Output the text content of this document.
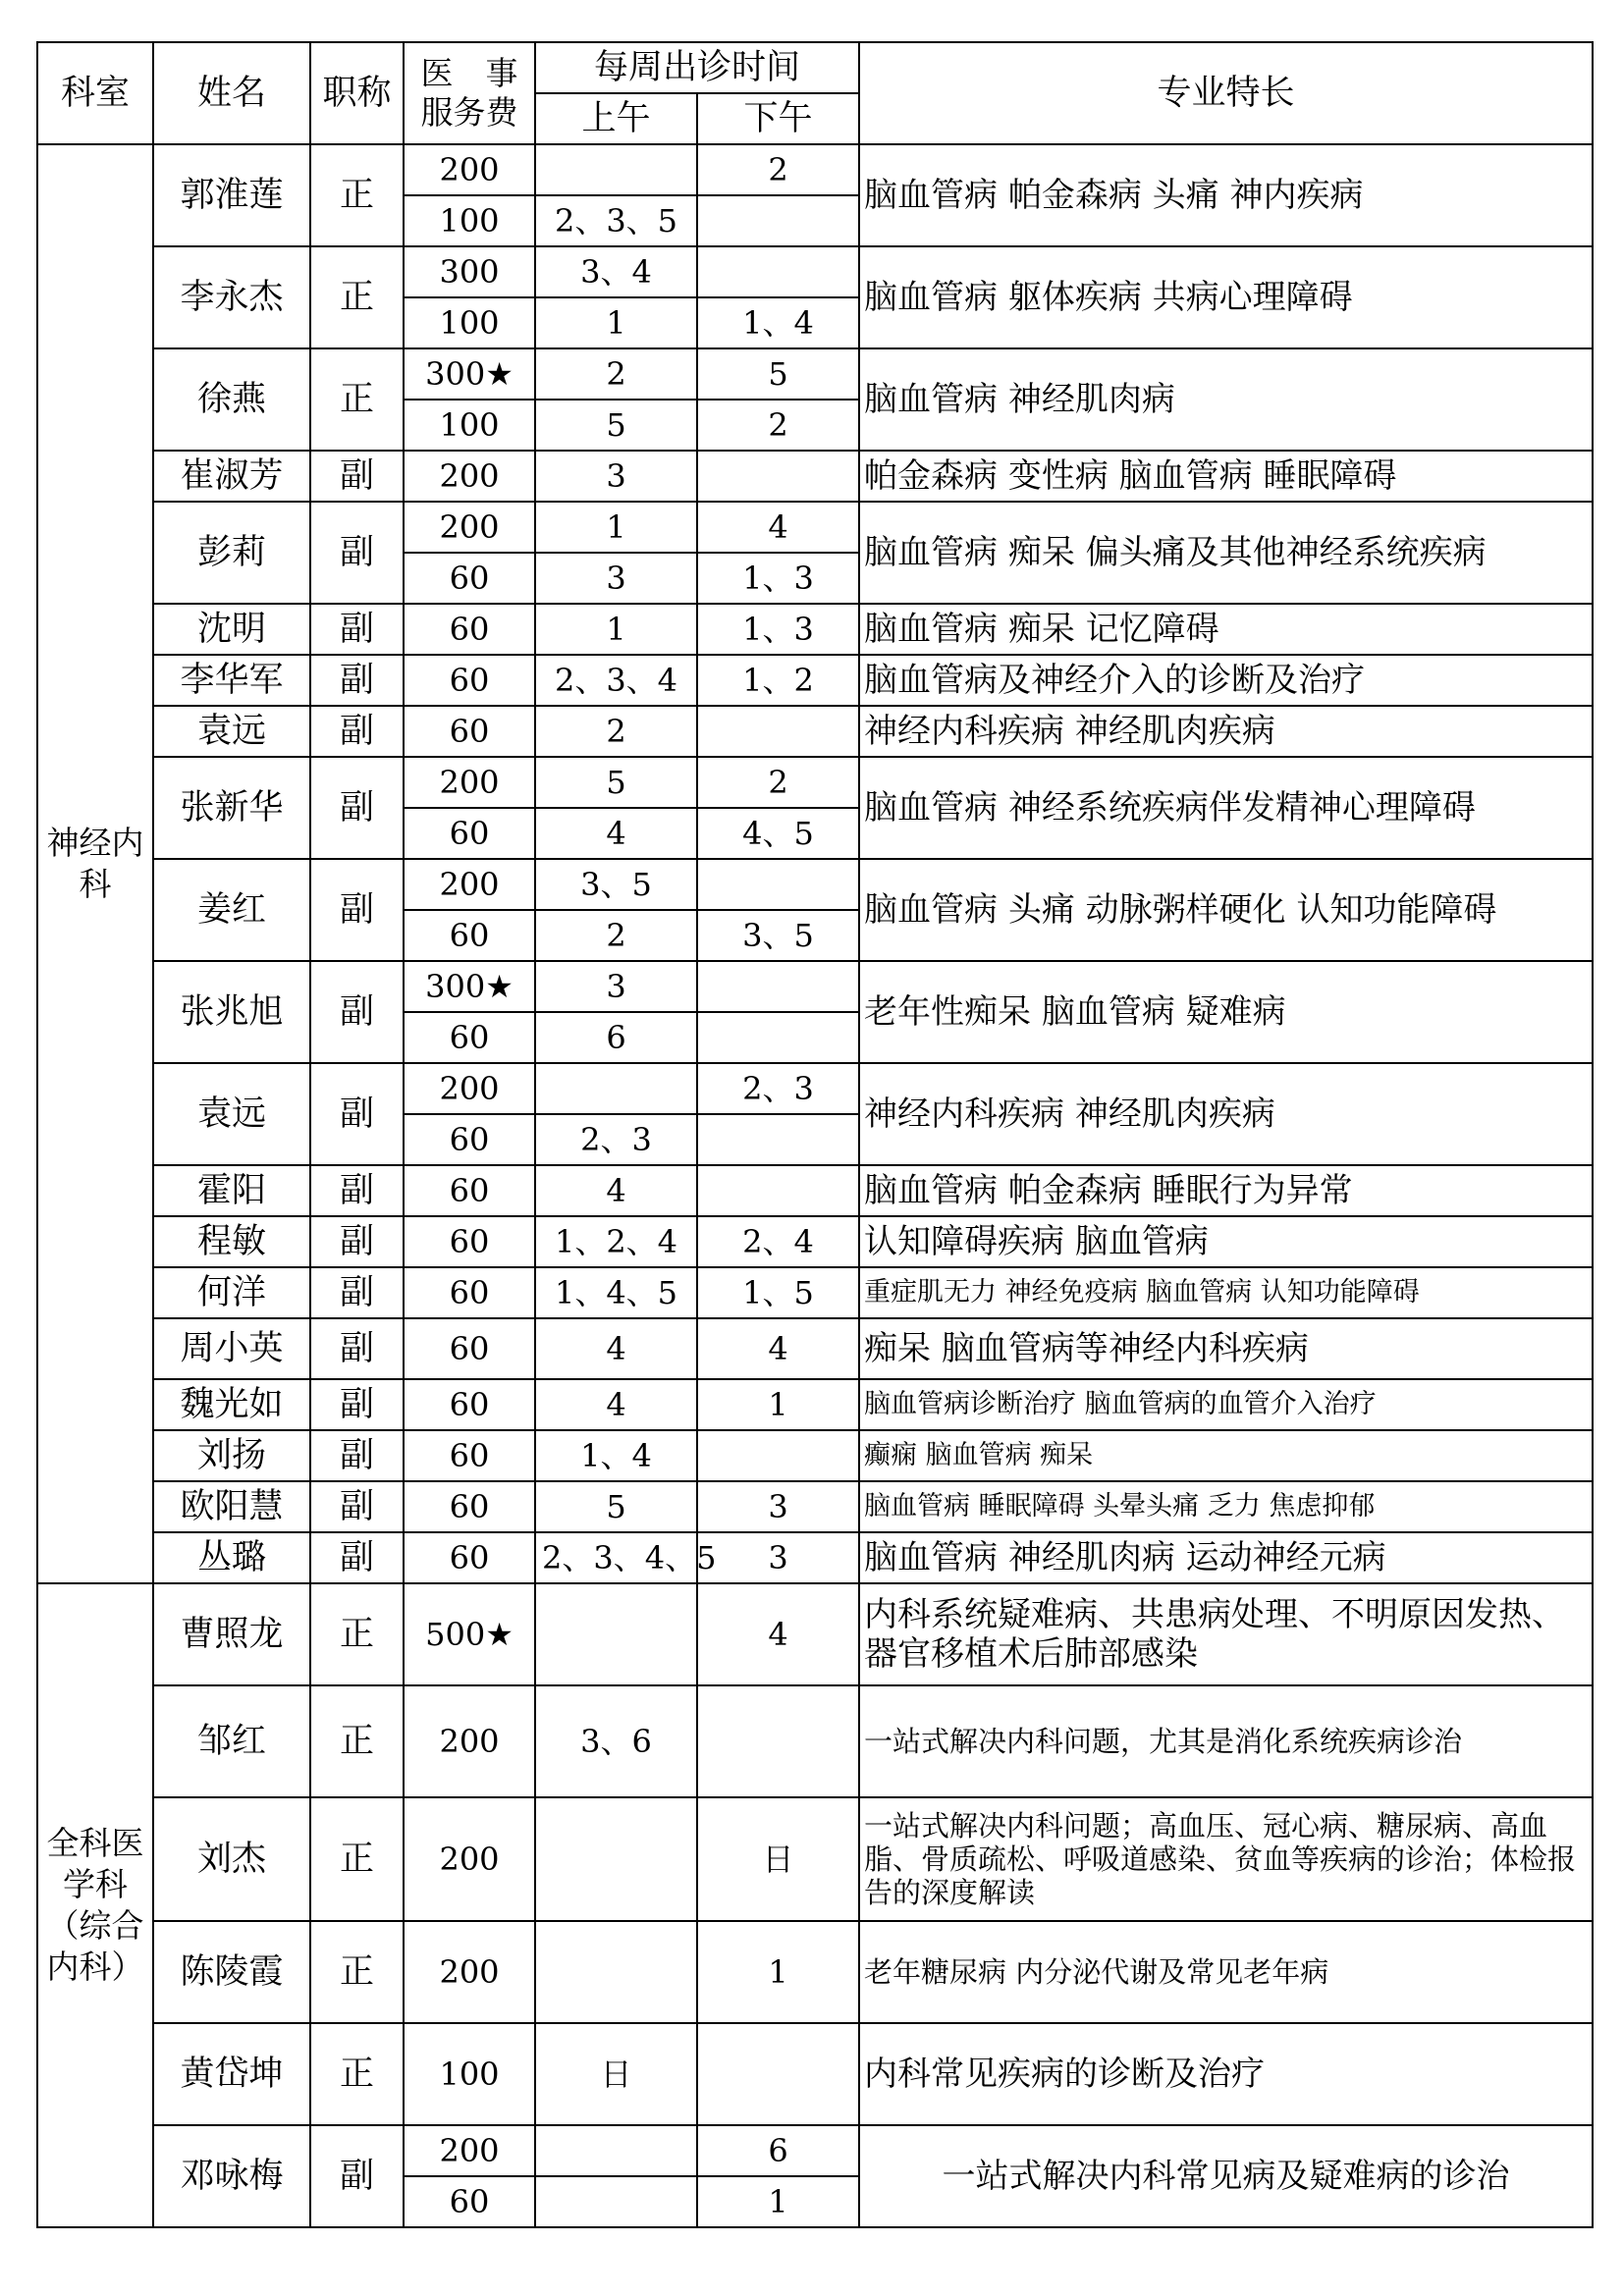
科室	姓名	职称	医　事
服务费	每周出诊时间		专业特长
				上午	下午	
神经内科	郭淮莲	正	200		2	脑血管病 帕金森病 头痛 神内疾病
			100	2、3、5		
	李永杰	正	300	3、4		脑血管病 躯体疾病 共病心理障碍
			100	1	1、4	
	徐燕	正	300★	2	5	脑血管病 神经肌肉病
			100	5	2	
	崔淑芳	副	200	3		帕金森病 变性病 脑血管病 睡眠障碍
	彭莉	副	200	1	4	脑血管病 痴呆 偏头痛及其他神经系统疾病
			60	3	1、3	
	沈明	副	60	1	1、3	脑血管病 痴呆 记忆障碍
	李华军	副	60	2、3、4	1、2	脑血管病及神经介入的诊断及治疗
	袁远	副	60	2		神经内科疾病 神经肌肉疾病
	张新华	副	200	5	2	脑血管病 神经系统疾病伴发精神心理障碍
			60	4	4、5	
	姜红	副	200	3、5		脑血管病 头痛 动脉粥样硬化 认知功能障碍
			60	2	3、5	
	张兆旭	副	300★	3		老年性痴呆 脑血管病 疑难病
			60	6		
	袁远	副	200		2、3	神经内科疾病 神经肌肉疾病
			60	2、3		
	霍阳	副	60	4		脑血管病 帕金森病 睡眠行为异常
	程敏	副	60	1、2、4	2、4	认知障碍疾病 脑血管病
	何洋	副	60	1、4、5	1、5	重症肌无力 神经免疫病 脑血管病 认知功能障碍
	周小英	副	60	4	4	痴呆 脑血管病等神经内科疾病
	魏光如	副	60	4	1	脑血管病诊断治疗 脑血管病的血管介入治疗
	刘扬	副	60	1、4		癫痫 脑血管病 痴呆
	欧阳慧	副	60	5	3	脑血管病 睡眠障碍 头晕头痛 乏力 焦虑抑郁
	丛璐	副	60	2、3、4、5	3	脑血管病 神经肌肉病 运动神经元病
全科医学科（综合内科）	曹照龙	正	500★		4	内科系统疑难病、共患病处理、不明原因发热、器官移植术后肺部感染
	邹红	正	200	3、6		一站式解决内科问题，尤其是消化系统疾病诊治
	刘杰	正	200		日	一站式解决内科问题；高血压、冠心病、糖尿病、高血脂、骨质疏松、呼吸道感染、贫血等疾病的诊治；体检报告的深度解读
	陈陵霞	正	200		1	老年糖尿病 内分泌代谢及常见老年病
	黄岱坤	正	100	日		内科常见疾病的诊断及治疗
	邓咏梅	副	200		6	一站式解决内科常见病及疑难病的诊治
			60		1	
